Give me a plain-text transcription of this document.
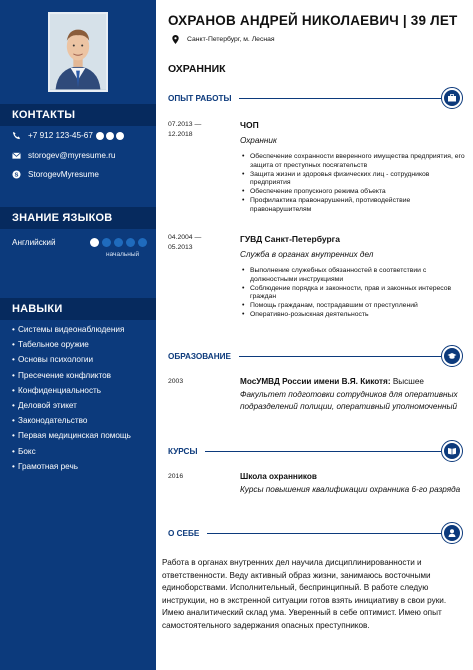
КОНТАКТЫ
+7 912 123-45-67
storogev@myresume.ru
S StorogevMyresume
ЗНАНИЕ ЯЗЫКОВ
Английский
начальный
НАВЫКИ
• Системы видеонаблюдения
• Табельное оружие
• Основы психологии
• Пресечение конфликтов
• Конфиденциальность
• Деловой этикет
• Законодательство
• Первая медицинская помощь
• Бокс
• Грамотная речь
ОХРАНОВ АНДРЕЙ НИКОЛАЕВИЧ | 39 ЛЕТ
Санкт-Петербург, м. Лесная
ОХРАННИК
ОПЫТ РАБОТЫ
07.2013 —
12.2018
ЧОП
Охранник
• Обеспечение сохранности вверенного имущества предприятия, его защита от преступных посягательств
• Защита жизни и здоровья физических лиц - сотрудников предприятия
• Обеспечение пропускного режима объекта
• Профилактика правонарушений, противодействие правонарушителям
04.2004 —
05.2013
ГУВД Санкт-Петербурга
Служба в органах внутренних дел
• Выполнение служебных обязанностей в соответствии с должностными инструкциями
• Соблюдение порядка и законности, прав и законных интересов граждан
• Помощь гражданам, пострадавшим от преступлений
• Оперативно-розыскная деятельность
ОБРАЗОВАНИЕ
2003	МосУМВД России имени В.Я. Кикотя: Высшее
Факультет подготовки сотрудников для оперативных подразделений полиции, оперативный уполномоченный
КУРСЫ
2016	Школа охранников
Курсы повышения квалификации охранника 6-го разряда
О СЕБЕ
Работа в органах внутренних дел научила дисциплинированности и ответственности. Веду активный образ жизни, занимаюсь восточными единоборствами. Исполнительный, беспринципный. В работе следую инструкции, но в экстренной ситуации готов взять инициативу в свои руки. Имею аналитический склад ума. Уверенный в себе оптимист. Имею опыт самостоятельного задержания опасных преступников.
